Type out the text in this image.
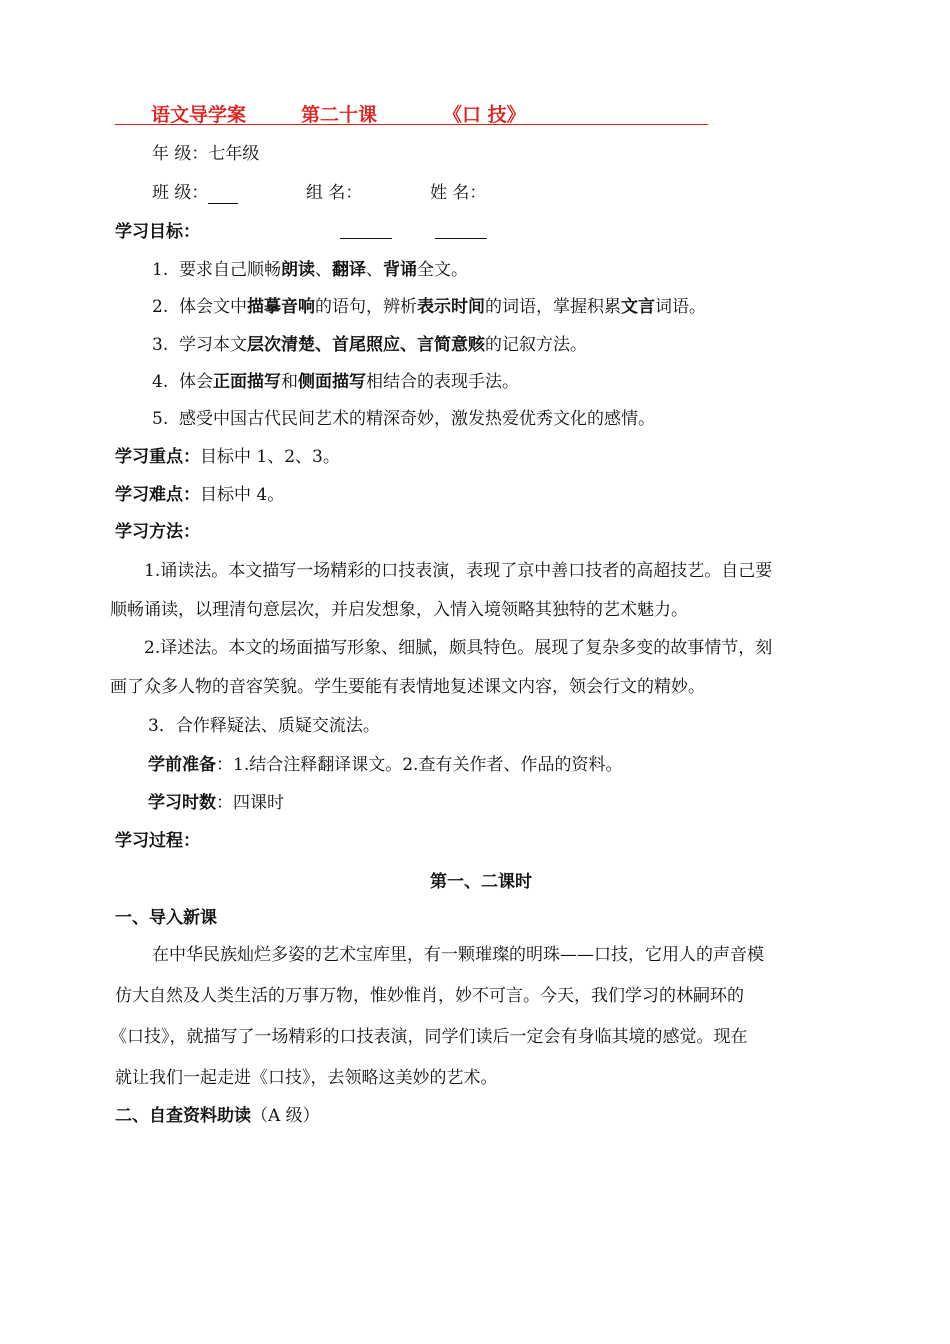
语文导学案	第二十课	《口 技》
年 级：七年级
班 级：	组 名：	姓 名：
学习目标：
1. 要求自己顺畅朗读、翻译、背诵全文。
2. 体会文中描摹音响的语句，辨析表示时间的词语，掌握积累文言词语。
3. 学习本文层次清楚、首尾照应、言简意赅的记叙方法。
4. 体会正面描写和侧面描写相结合的表现手法。
5. 感受中国古代民间艺术的精深奇妙，激发热爱优秀文化的感情。
学习重点：目标中 1、2、3。
学习难点：目标中 4。
学习方法：
1.诵读法。本文描写一场精彩的口技表演，表现了京中善口技者的高超技艺。自己要
顺畅诵读，以理清句意层次，并启发想象，入情入境领略其独特的艺术魅力。
2.译述法。本文的场面描写形象、细腻，颇具特色。展现了复杂多变的故事情节，刻
画了众多人物的音容笑貌。学生要能有表情地复述课文内容，领会行文的精妙。
3．合作释疑法、质疑交流法。
学前准备：1.结合注释翻译课文。2.查有关作者、作品的资料。
学习时数：四课时
学习过程：
第一、二课时
一、导入新课
在中华民族灿烂多姿的艺术宝库里，有一颗璀璨的明珠——口技，它用人的声音模
仿大自然及人类生活的万事万物，惟妙惟肖，妙不可言。今天，我们学习的林嗣环的
《口技》，就描写了一场精彩的口技表演，同学们读后一定会有身临其境的感觉。现在
就让我们一起走进《口技》，去领略这美妙的艺术。
二、自查资料助读（A 级）
